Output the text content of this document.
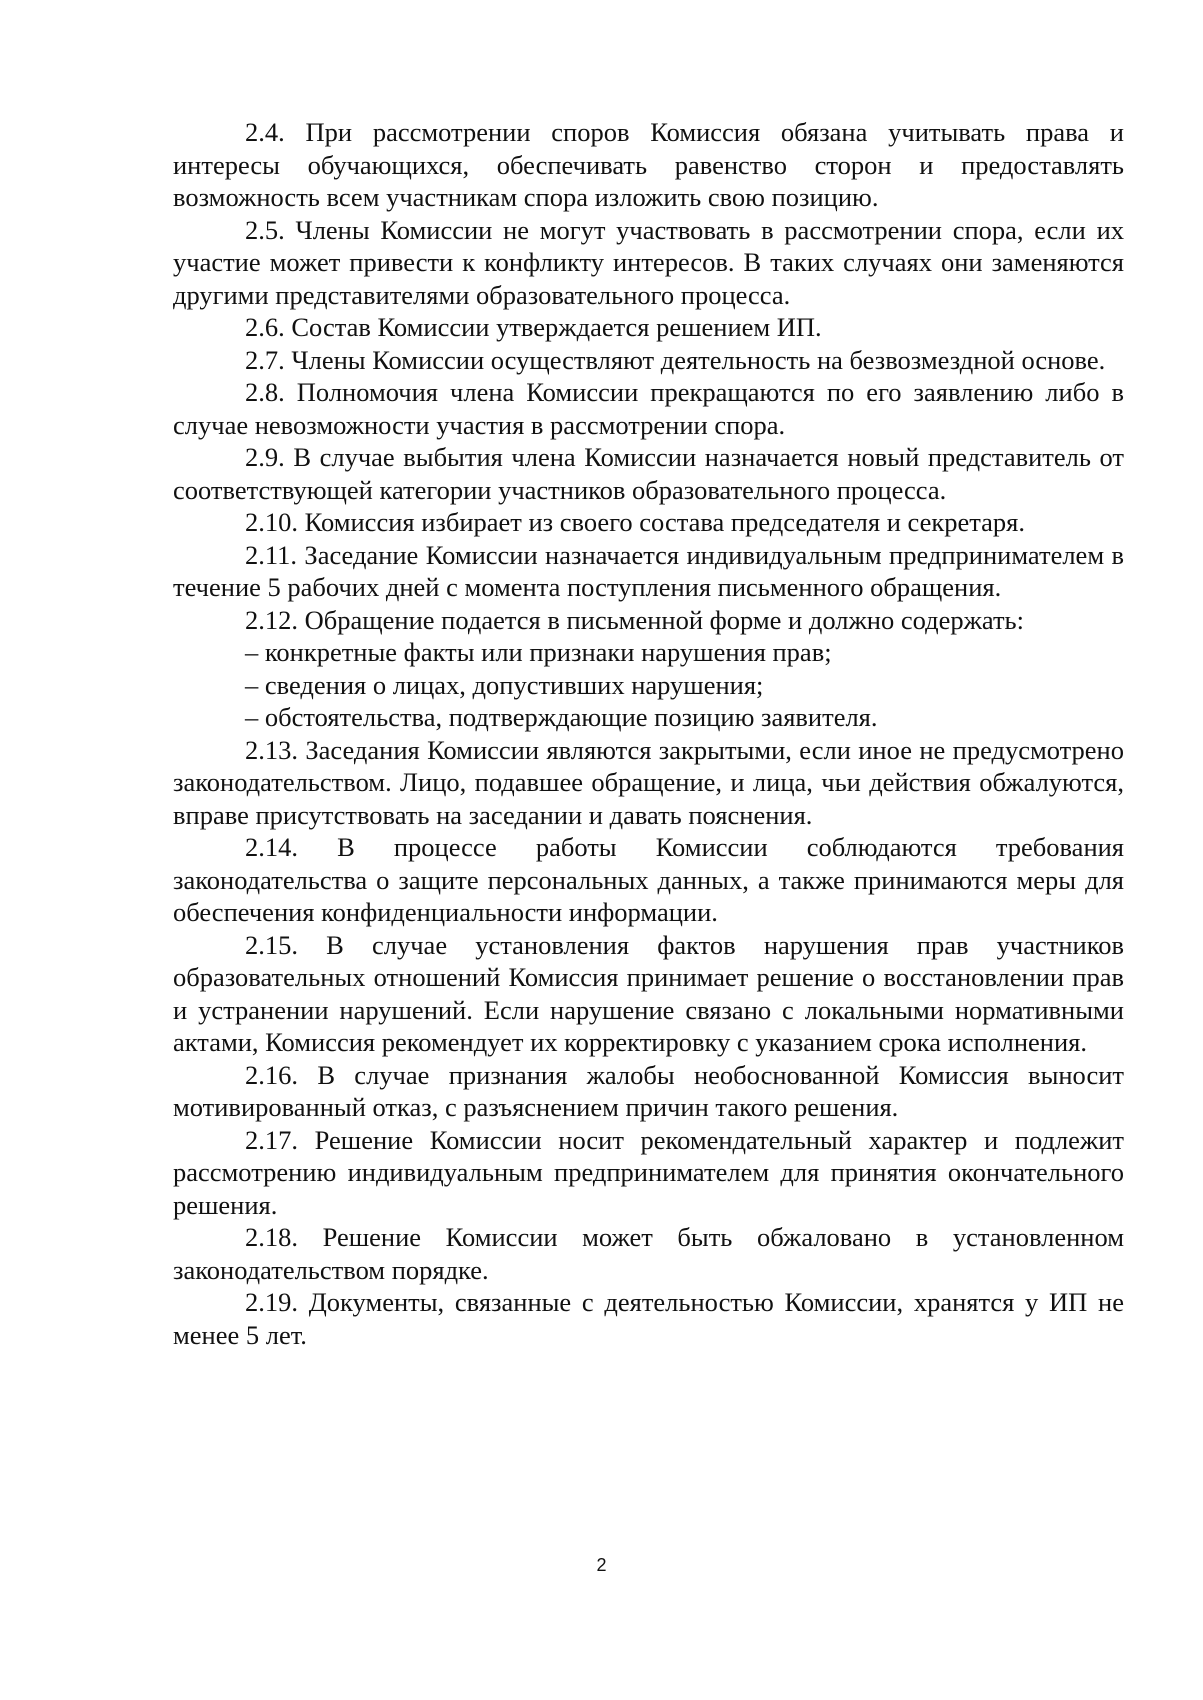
2.4. При рассмотрении споров Комиссия обязана учитывать права и интересы обучающихся, обеспечивать равенство сторон и предоставлять возможность всем участникам спора изложить свою позицию.

2.5. Члены Комиссии не могут участвовать в рассмотрении спора, если их участие может привести к конфликту интересов. В таких случаях они заменяются другими представителями образовательного процесса.

2.6. Состав Комиссии утверждается решением ИП.

2.7. Члены Комиссии осуществляют деятельность на безвозмездной основе.

2.8. Полномочия члена Комиссии прекращаются по его заявлению либо в случае невозможности участия в рассмотрении спора.

2.9. В случае выбытия члена Комиссии назначается новый представитель от соответствующей категории участников образовательного процесса.

2.10. Комиссия избирает из своего состава председателя и секретаря.

2.11. Заседание Комиссии назначается индивидуальным предпринимателем в течение 5 рабочих дней с момента поступления письменного обращения.

2.12. Обращение подается в письменной форме и должно содержать:

– конкретные факты или признаки нарушения прав;

– сведения о лицах, допустивших нарушения;

– обстоятельства, подтверждающие позицию заявителя.

2.13. Заседания Комиссии являются закрытыми, если иное не предусмотрено законодательством. Лицо, подавшее обращение, и лица, чьи действия обжалуются, вправе присутствовать на заседании и давать пояснения.

2.14. В процессе работы Комиссии соблюдаются требования законодательства о защите персональных данных, а также принимаются меры для обеспечения конфиденциальности информации.

2.15. В случае установления фактов нарушения прав участников образовательных отношений Комиссия принимает решение о восстановлении прав и устранении нарушений. Если нарушение связано с локальными нормативными актами, Комиссия рекомендует их корректировку с указанием срока исполнения.

2.16. В случае признания жалобы необоснованной Комиссия выносит мотивированный отказ, с разъяснением причин такого решения.

2.17. Решение Комиссии носит рекомендательный характер и подлежит рассмотрению индивидуальным предпринимателем для принятия окончательного решения.

2.18. Решение Комиссии может быть обжаловано в установленном законодательством порядке.

2.19. Документы, связанные с деятельностью Комиссии, хранятся у ИП не менее 5 лет.

2
